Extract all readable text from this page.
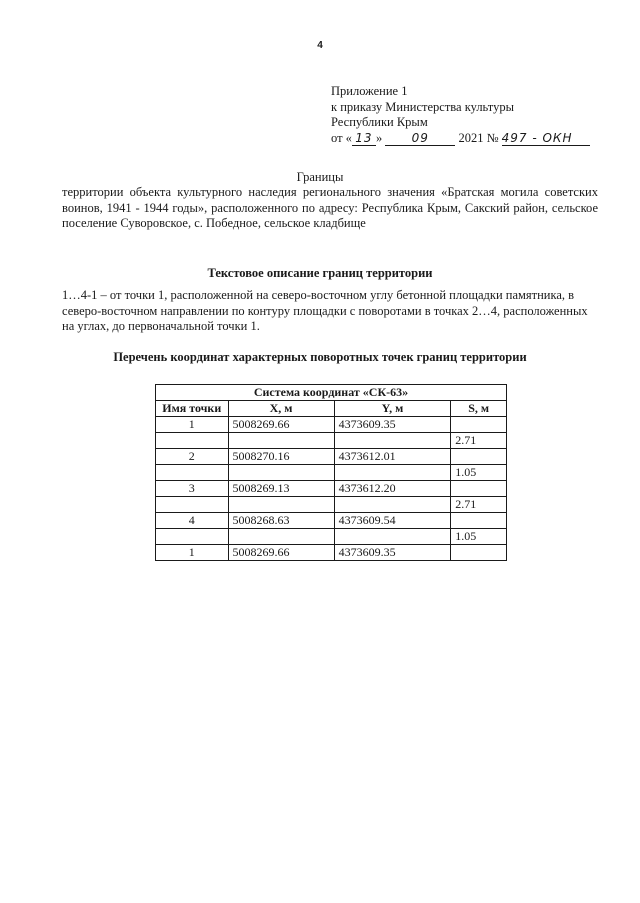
4
Приложение 1
к приказу Министерства культуры
Республики Крым
от « 13 » 09 2021 № 497 - ОКН
Границы
территории объекта культурного наследия регионального значения «Братская могила советских воинов, 1941 - 1944 годы», расположенного по адресу: Республика Крым, Сакский район, сельское поселение Суворовское, с. Победное, сельское кладбище
Текстовое описание границ территории
1…4-1 – от точки 1, расположенной на северо-восточном углу бетонной площадки памятника, в северо-восточном направлении по контуру площадки с поворотами в точках 2…4, расположенных на углах, до первоначальной точки 1.
Перечень координат характерных поворотных точек границ территории
Система координат «СК-63»			
Имя точки	X, м	Y, м	S, м
1	5008269.66	4373609.35	
			2.71
2	5008270.16	4373612.01	
			1.05
3	5008269.13	4373612.20	
			2.71
4	5008268.63	4373609.54	
			1.05
1	5008269.66	4373609.35	
